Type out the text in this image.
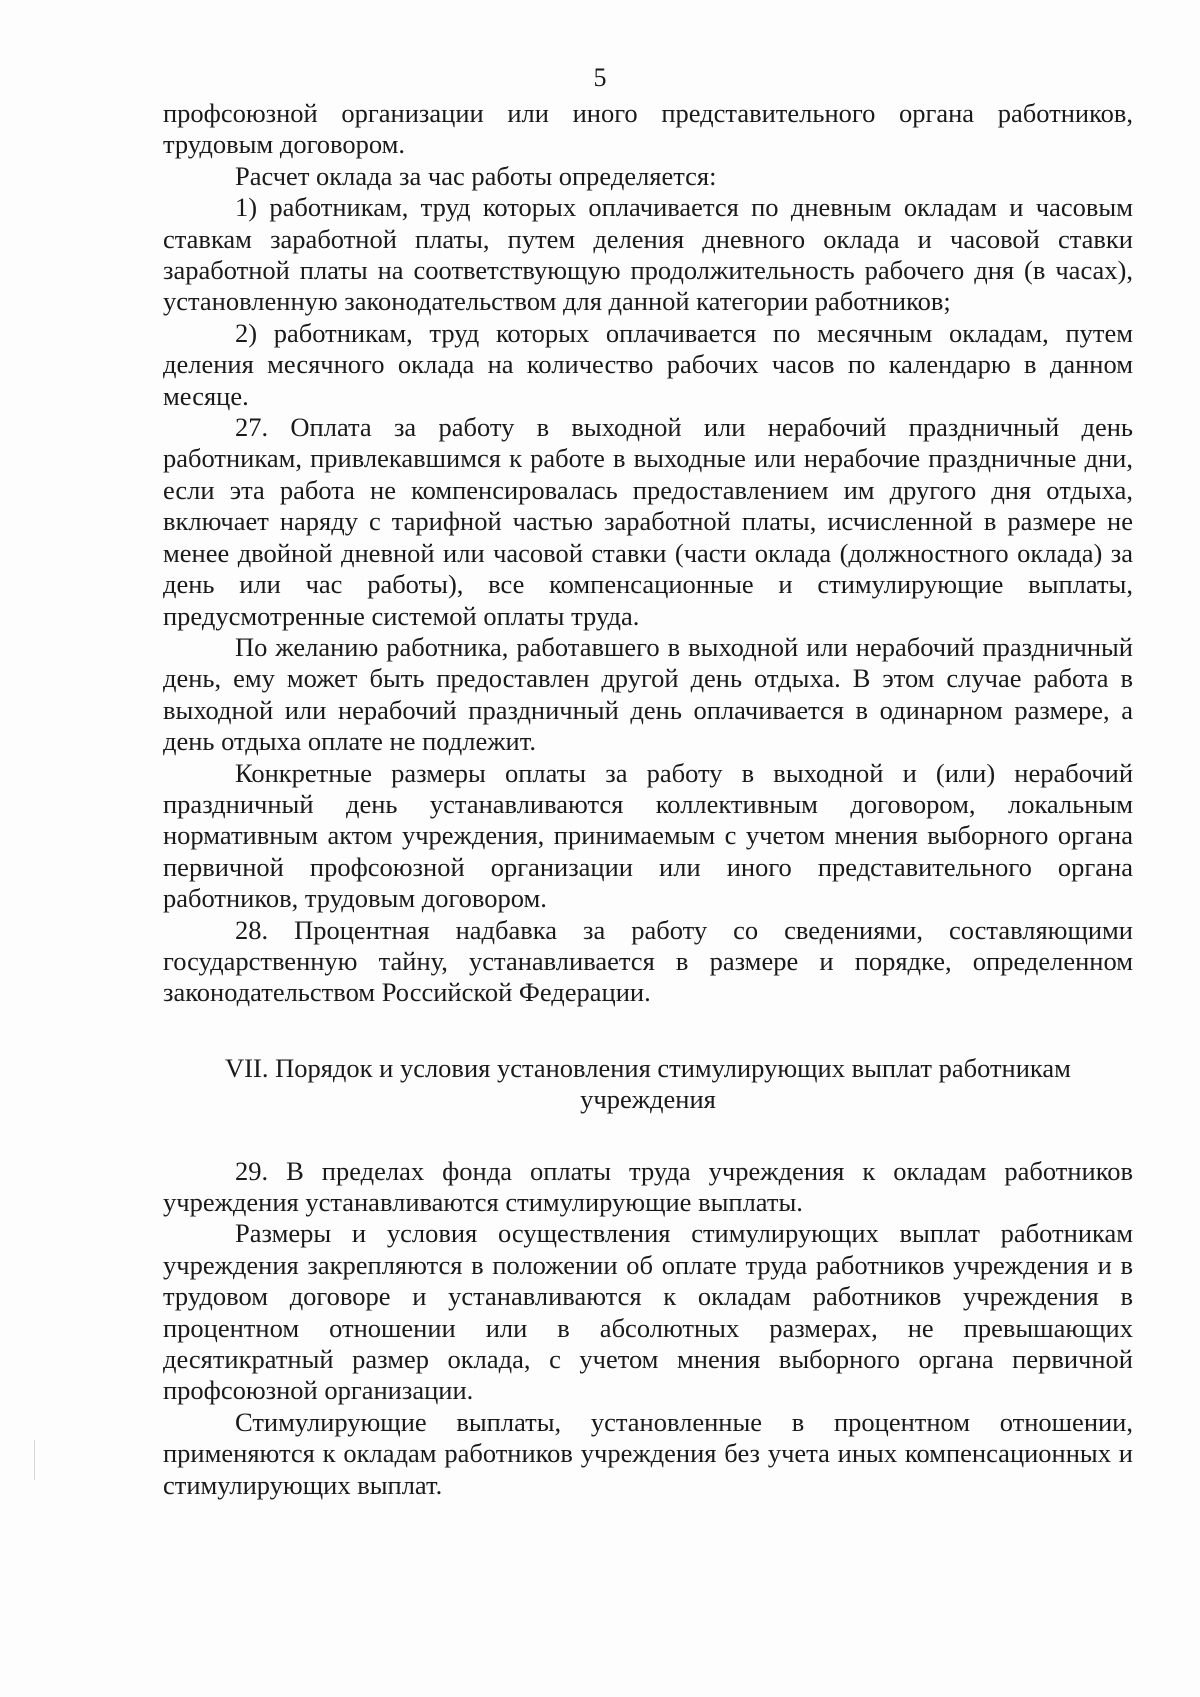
5

профсоюзной организации или иного представительного органа работников, трудовым договором.

Расчет оклада за час работы определяется:

1) работникам, труд которых оплачивается по дневным окладам и часовым ставкам заработной платы, путем деления дневного оклада и часовой ставки заработной платы на соответствующую продолжительность рабочего дня (в часах), установленную законодательством для данной категории работников;

2) работникам, труд которых оплачивается по месячным окладам, путем деления месячного оклада на количество рабочих часов по календарю в данном месяце.

27. Оплата за работу в выходной или нерабочий праздничный день работникам, привлекавшимся к работе в выходные или нерабочие праздничные дни, если эта работа не компенсировалась предоставлением им другого дня отдыха, включает наряду с тарифной частью заработной платы, исчисленной в размере не менее двойной дневной или часовой ставки (части оклада (должностного оклада) за день или час работы), все компенсационные и стимулирующие выплаты, предусмотренные системой оплаты труда.

По желанию работника, работавшего в выходной или нерабочий праздничный день, ему может быть предоставлен другой день отдыха. В этом случае работа в выходной или нерабочий праздничный день оплачивается в одинарном размере, а день отдыха оплате не подлежит.

Конкретные размеры оплаты за работу в выходной и (или) нерабочий праздничный день устанавливаются коллективным договором, локальным нормативным актом учреждения, принимаемым с учетом мнения выборного органа первичной профсоюзной организации или иного представительного органа работников, трудовым договором.

28. Процентная надбавка за работу со сведениями, составляющими государственную тайну, устанавливается в размере и порядке, определенном законодательством Российской Федерации.

VII. Порядок и условия установления стимулирующих выплат работникам учреждения

29. В пределах фонда оплаты труда учреждения к окладам работников учреждения устанавливаются стимулирующие выплаты.

Размеры и условия осуществления стимулирующих выплат работникам учреждения закрепляются в положении об оплате труда работников учреждения и в трудовом договоре и устанавливаются к окладам работников учреждения в процентном отношении или в абсолютных размерах, не превышающих десятикратный размер оклада, с учетом мнения выборного органа первичной профсоюзной организации.

Стимулирующие выплаты, установленные в процентном отношении, применяются к окладам работников учреждения без учета иных компенсационных и стимулирующих выплат.
